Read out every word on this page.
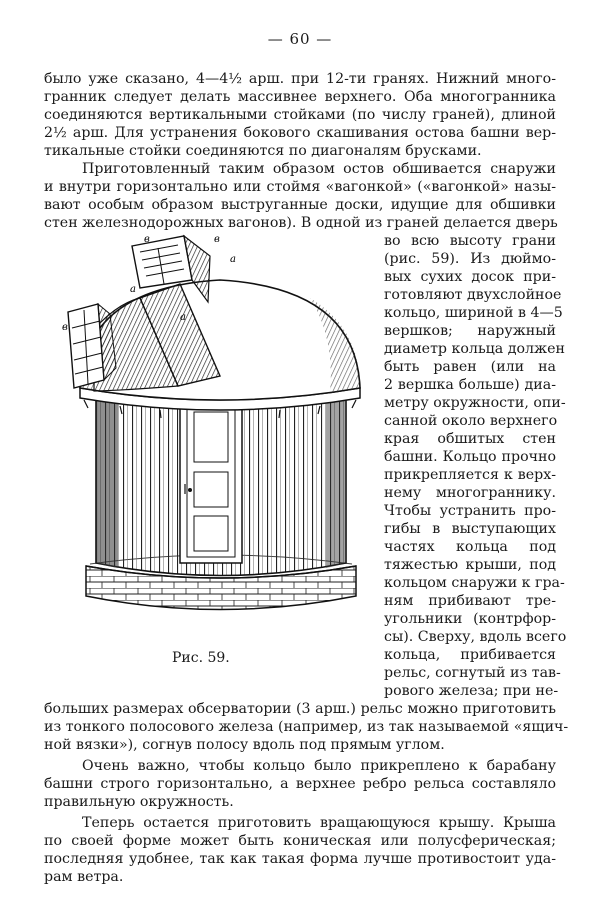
— 60 —
было уже сказано, 4—4½ арш. при 12-ти гранях. Нижний много-
гранник следует делать массивнее верхнего. Оба многогранника
соединяются вертикальными стойками (по числу граней), длиной
2½ арш. Для устранения бокового скашивания остова башни вер-
тикальные стойки соединяются по диагоналям брусками.
Приготовленный таким образом остов обшивается снаружи
и внутри горизонтально или стоймя «вагонкой» («вагонкой» назы-
вают особым образом выструганные доски, идущие для обшивки
стен железнодорожных вагонов). В одной из граней делается дверь
в	в
а
а
а
в
Рис. 59.
во всю высоту грани
(рис. 59). Из дюймо-
вых сухих досок при-
готовляют двухслойное
кольцо, шириной в 4—5
вершков; наружный
диаметр кольца должен
быть равен (или на
2 вершка больше) диа-
метру окружности, опи-
санной около верхнего
края обшитых стен
башни. Кольцо прочно
прикрепляется к верх-
нему многограннику.
Чтобы устранить про-
гибы в выступающих
частях кольца под
тяжестью крыши, под
кольцом снаружи к гра-
ням прибивают тре-
угольники (контрфор-
сы). Сверху, вдоль всего
кольца, прибивается
рельс, согнутый из тав-
рового железа; при не-
больших размерах обсерватории (3 арш.) рельс можно приготовить
из тонкого полосового железа (например, из так называемой «ящич-
ной вязки»), согнув полосу вдоль под прямым углом.
Очень важно, чтобы кольцо было прикреплено к барабану
башни строго горизонтально, а верхнее ребро рельса составляло
правильную окружность.
Теперь остается приготовить вращающуюся крышу. Крыша
по своей форме может быть коническая или полусферическая;
последняя удобнее, так как такая форма лучше противостоит уда-
рам ветра.
